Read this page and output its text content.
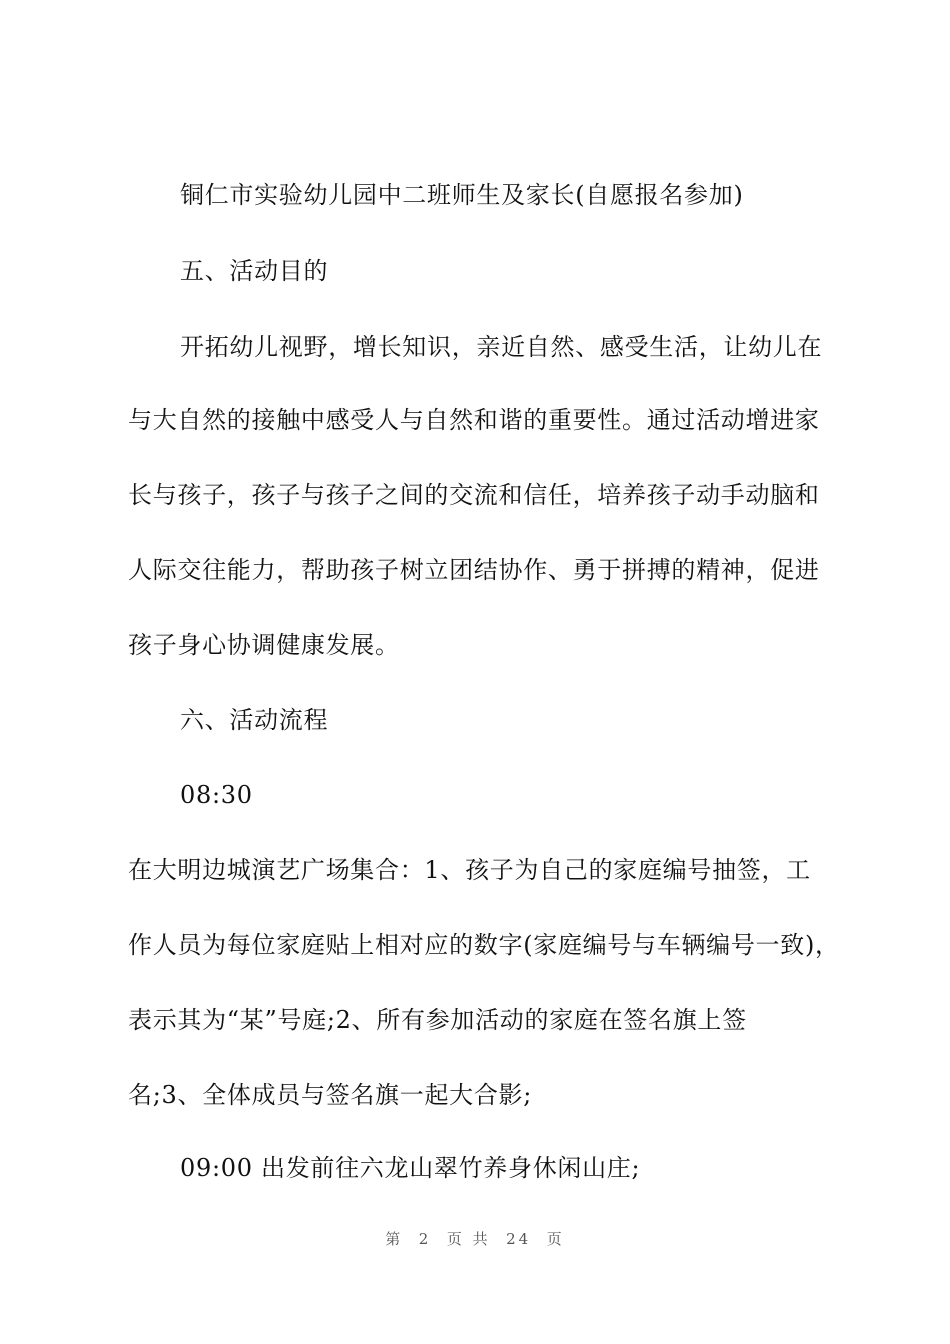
铜仁市实验幼儿园中二班师生及家长(自愿报名参加)
五、活动目的
开拓幼儿视野，增长知识，亲近自然、感受生活，让幼儿在
与大自然的接触中感受人与自然和谐的重要性。通过活动增进家
长与孩子，孩子与孩子之间的交流和信任，培养孩子动手动脑和
人际交往能力，帮助孩子树立团结协作、勇于拼搏的精神，促进
孩子身心协调健康发展。
六、活动流程
08:30
在大明边城演艺广场集合：1、孩子为自己的家庭编号抽签，工
作人员为每位家庭贴上相对应的数字(家庭编号与车辆编号一致)，
表示其为“某”号庭;2、所有参加活动的家庭在签名旗上签
名;3、全体成员与签名旗一起大合影;
09:00 出发前往六龙山翠竹养身休闲山庄;
第  2  页 共  24  页
